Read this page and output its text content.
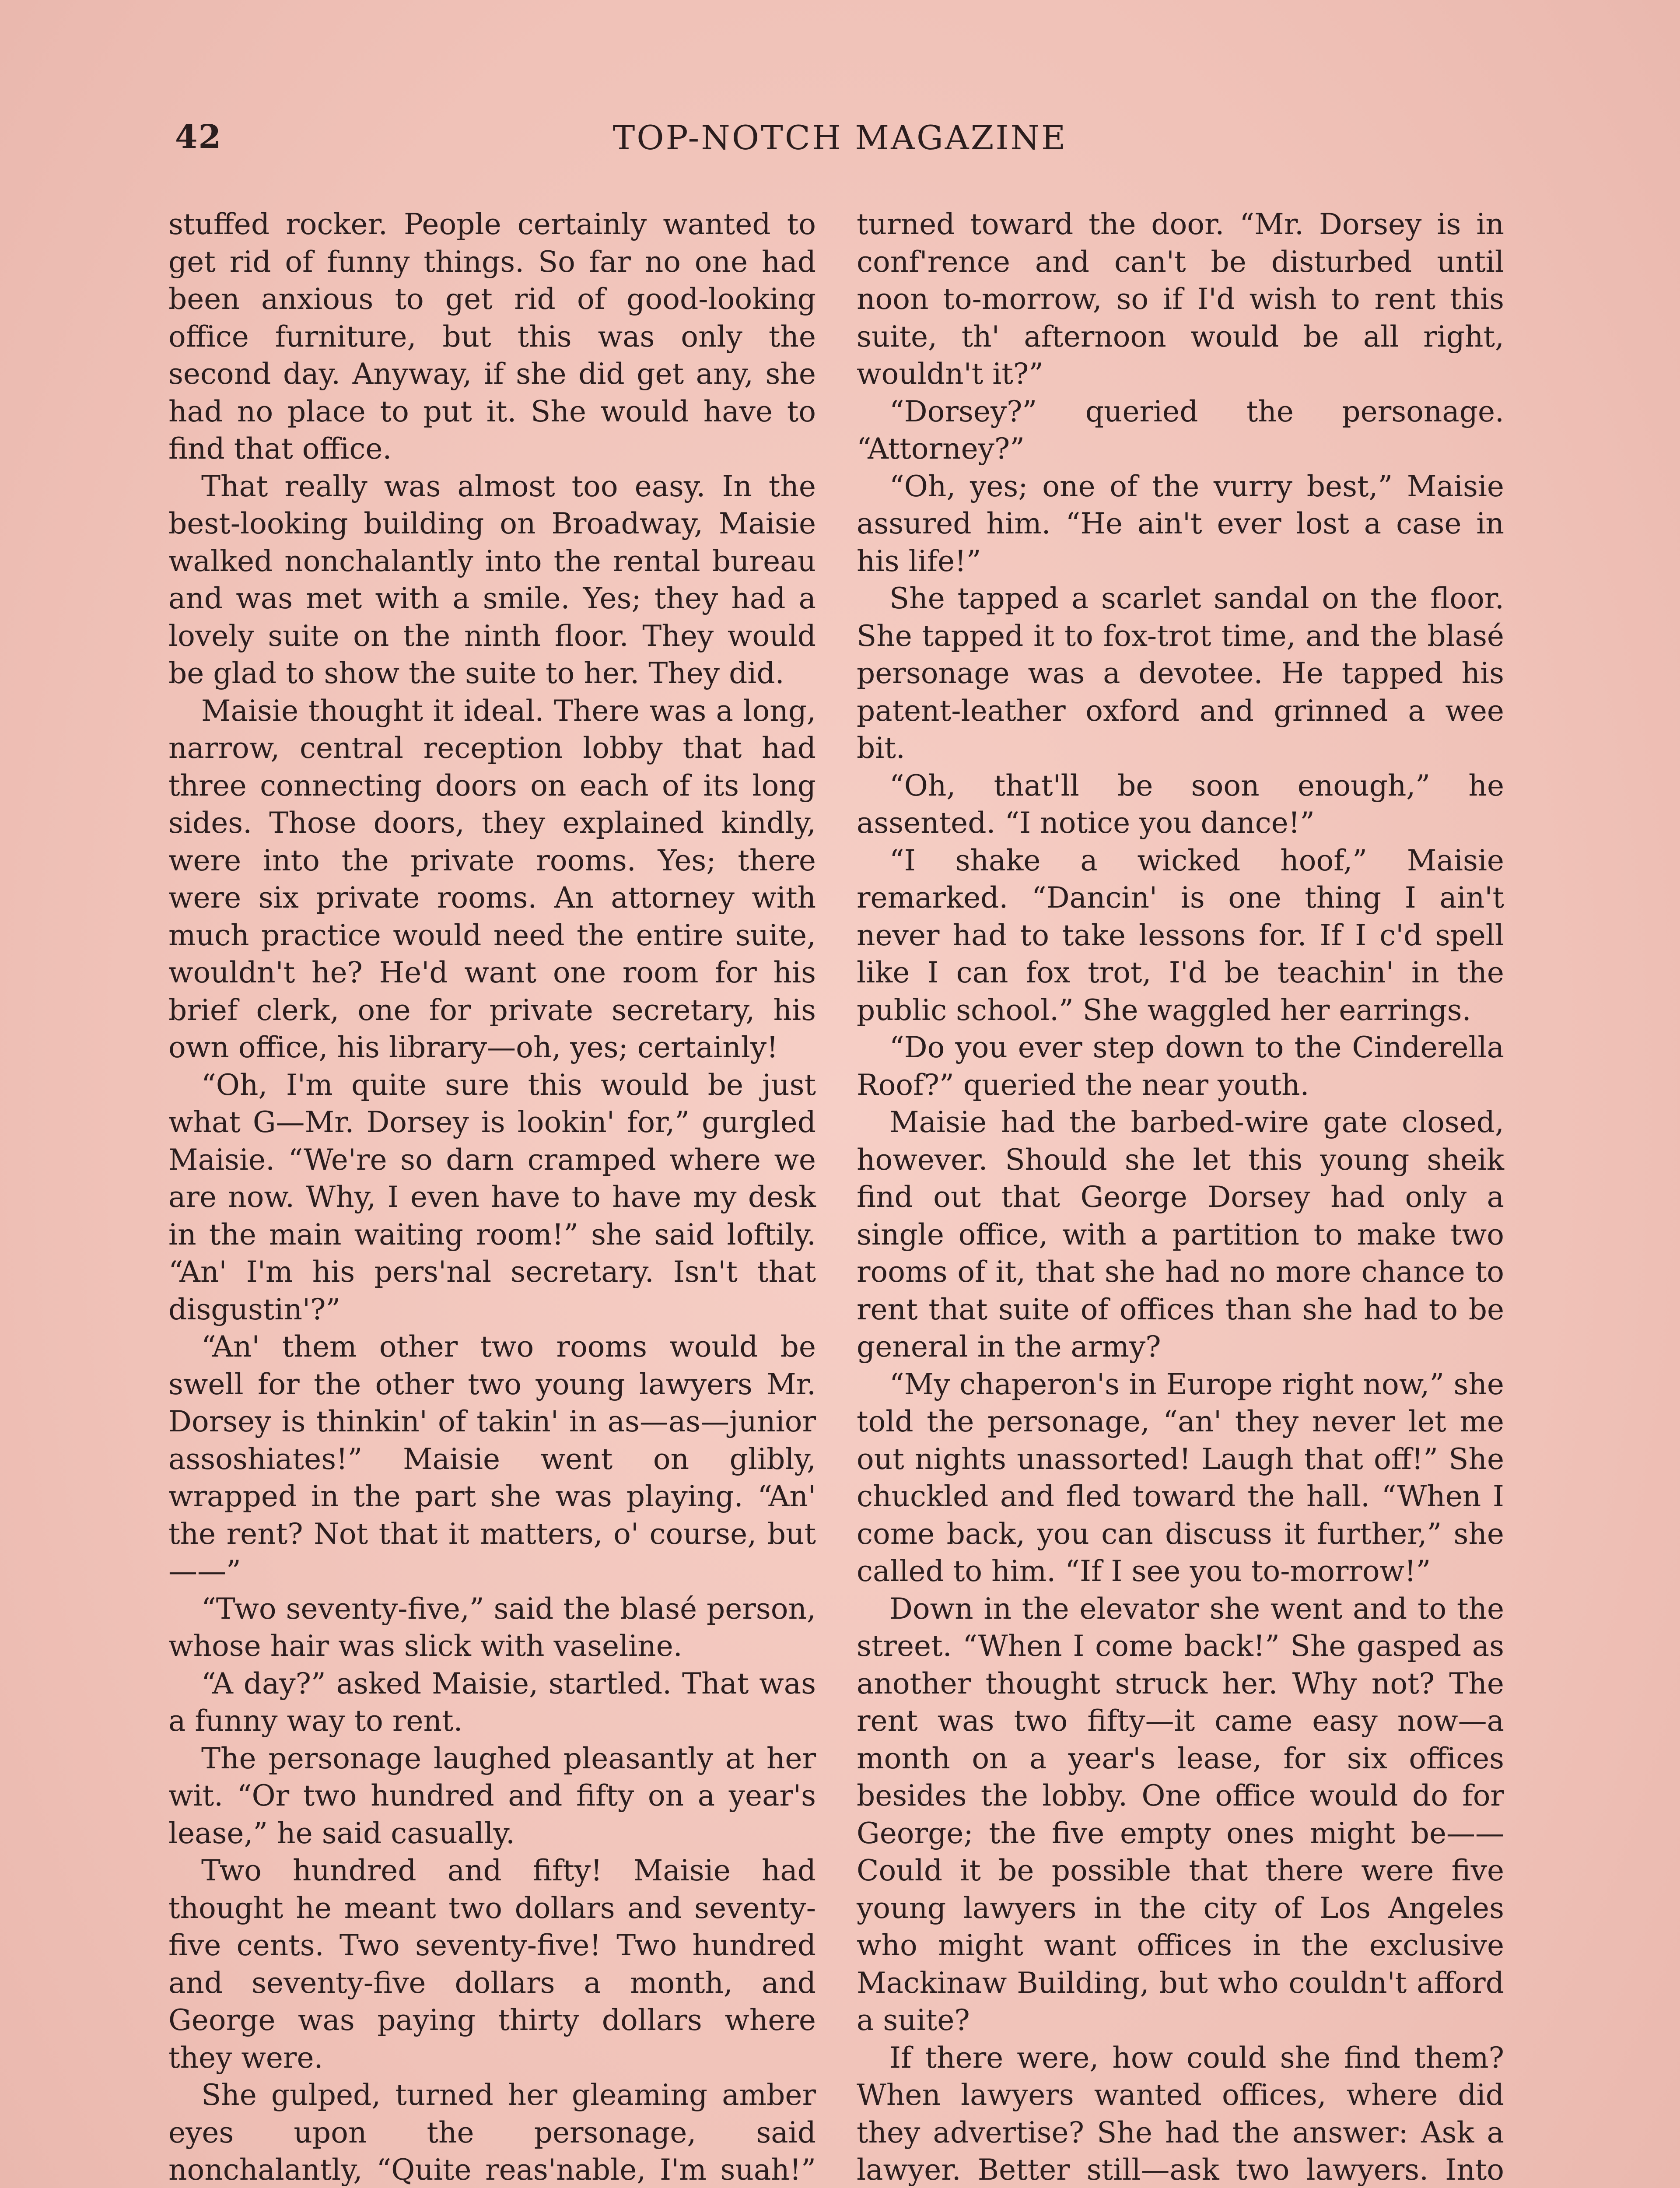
42	TOP-NOTCH MAGAZINE

stuffed rocker. People certainly wanted to get rid of funny things. So far no one had been anxious to get rid of good-looking office furniture, but this was only the second day. Anyway, if she did get any, she had no place to put it. She would have to find that office.

That really was almost too easy. In the best-looking building on Broadway, Maisie walked nonchalantly into the rental bureau and was met with a smile. Yes; they had a lovely suite on the ninth floor. They would be glad to show the suite to her. They did.

Maisie thought it ideal. There was a long, narrow, central reception lobby that had three connecting doors on each of its long sides. Those doors, they explained kindly, were into the private rooms. Yes; there were six private rooms. An attorney with much practice would need the entire suite, wouldn't he? He'd want one room for his brief clerk, one for private secretary, his own office, his library—oh, yes; certainly!

“Oh, I'm quite sure this would be just what G—Mr. Dorsey is lookin' for,” gurgled Maisie. “We're so darn cramped where we are now. Why, I even have to have my desk in the main waiting room!” she said loftily. “An' I'm his pers'nal secretary. Isn't that disgustin'?”

“An' them other two rooms would be swell for the other two young lawyers Mr. Dorsey is thinkin' of takin' in as—as—junior assoshiates!” Maisie went on glibly, wrapped in the part she was playing. “An' the rent? Not that it matters, o' course, but——”

“Two seventy-five,” said the blasé person, whose hair was slick with vaseline.

“A day?” asked Maisie, startled. That was a funny way to rent.

The personage laughed pleasantly at her wit. “Or two hundred and fifty on a year's lease,” he said casually.

Two hundred and fifty! Maisie had thought he meant two dollars and seventy-five cents. Two seventy-five! Two hundred and seventy-five dollars a month, and George was paying thirty dollars where they were.

She gulped, turned her gleaming amber eyes upon the personage, said nonchalantly, “Quite reas'nable, I'm suah!”

turned toward the door. “Mr. Dorsey is in conf'rence and can't be disturbed until noon to-morrow, so if I'd wish to rent this suite, th' afternoon would be all right, wouldn't it?”

“Dorsey?” queried the personage. “Attorney?”

“Oh, yes; one of the vurry best,” Maisie assured him. “He ain't ever lost a case in his life!”

She tapped a scarlet sandal on the floor. She tapped it to fox-trot time, and the blasé personage was a devotee. He tapped his patent-leather oxford and grinned a wee bit.

“Oh, that'll be soon enough,” he assented. “I notice you dance!”

“I shake a wicked hoof,” Maisie remarked. “Dancin' is one thing I ain't never had to take lessons for. If I c'd spell like I can fox trot, I'd be teachin' in the public school.” She waggled her earrings.

“Do you ever step down to the Cinderella Roof?” queried the near youth.

Maisie had the barbed-wire gate closed, however. Should she let this young sheik find out that George Dorsey had only a single office, with a partition to make two rooms of it, that she had no more chance to rent that suite of offices than she had to be general in the army?

“My chaperon's in Europe right now,” she told the personage, “an' they never let me out nights unassorted! Laugh that off!” She chuckled and fled toward the hall. “When I come back, you can discuss it further,” she called to him. “If I see you to-morrow!”

Down in the elevator she went and to the street. “When I come back!” She gasped as another thought struck her. Why not? The rent was two fifty—it came easy now—a month on a year's lease, for six offices besides the lobby. One office would do for George; the five empty ones might be—— Could it be possible that there were five young lawyers in the city of Los Angeles who might want offices in the exclusive Mackinaw Building, but who couldn't afford a suite?

If there were, how could she find them? When lawyers wanted offices, where did they advertise? She had the answer: Ask a lawyer. Better still—ask two lawyers. Into
